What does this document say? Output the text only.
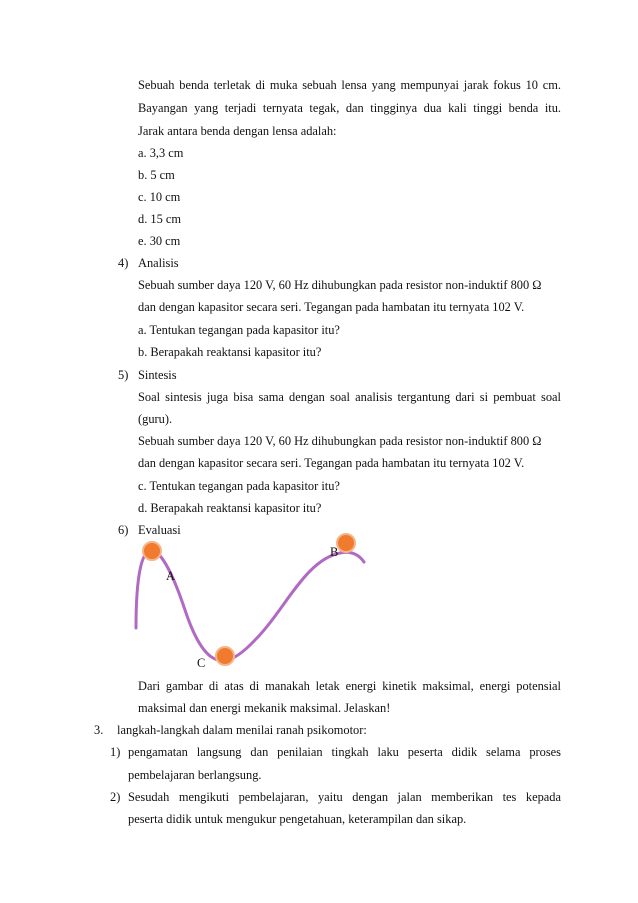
Sebuah benda terletak di muka sebuah lensa yang mempunyai jarak fokus 10 cm.
Bayangan yang terjadi ternyata tegak, dan tingginya dua kali tinggi benda itu.
Jarak antara benda dengan lensa adalah:
a. 3,3 cm
b. 5 cm
c. 10 cm
d. 15 cm
e. 30 cm
4) Analisis
Sebuah sumber daya 120 V, 60 Hz dihubungkan pada resistor non-induktif 800 Ω
dan dengan kapasitor secara seri. Tegangan pada hambatan itu ternyata 102 V.
a. Tentukan tegangan pada kapasitor itu?
b. Berapakah reaktansi kapasitor itu?
5) Sintesis
Soal sintesis juga bisa sama dengan soal analisis tergantung dari si pembuat soal
(guru).
Sebuah sumber daya 120 V, 60 Hz dihubungkan pada resistor non-induktif 800 Ω
dan dengan kapasitor secara seri. Tegangan pada hambatan itu ternyata 102 V.
c. Tentukan tegangan pada kapasitor itu?
d. Berapakah reaktansi kapasitor itu?
6) Evaluasi
B
A
C
Dari gambar di atas di manakah letak energi kinetik maksimal, energi potensial
maksimal dan energi mekanik maksimal. Jelaskan!
3. langkah-langkah dalam menilai ranah psikomotor:
1) pengamatan langsung dan penilaian tingkah laku peserta didik selama proses
pembelajaran berlangsung.
2) Sesudah mengikuti pembelajaran, yaitu dengan jalan memberikan tes kepada
peserta didik untuk mengukur pengetahuan, keterampilan dan sikap.
